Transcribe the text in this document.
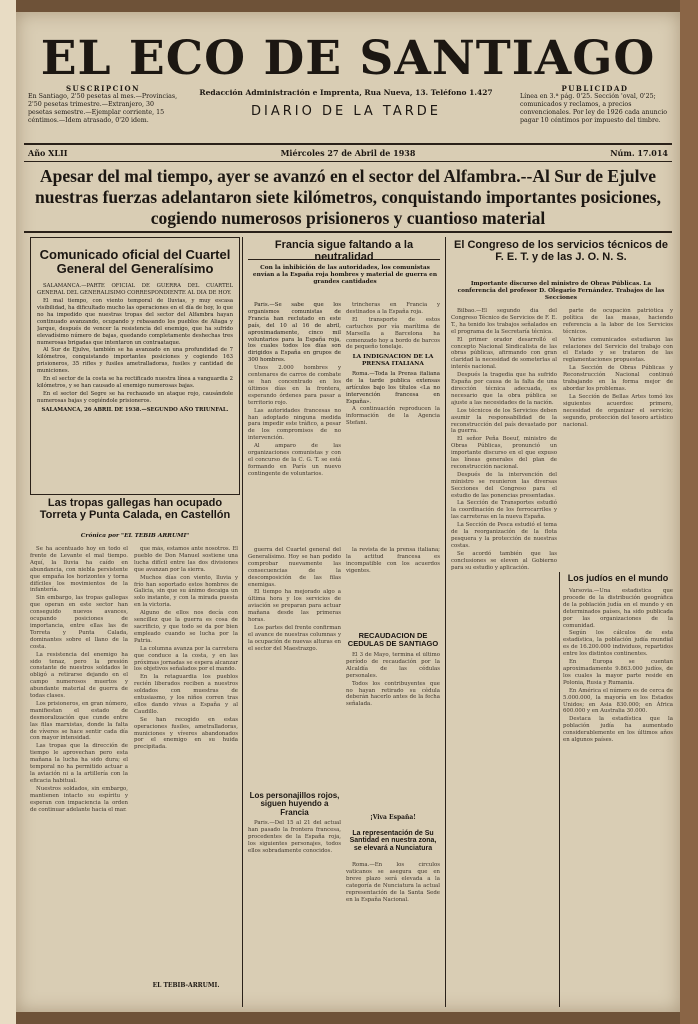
EL ECO DE SANTIAGO
SUSCRIPCION
En Santiago, 2'50 pesetas al mes.—Provincias, 2'50 pesetas trimestre.—Extranjero, 30 pesetas semestre.—Ejemplar corriente, 15 céntimos.—Idem atrasado, 0'20 idem.
Redacción Administración e Imprenta, Rua Nueva, 13. Teléfono 1.427
DIARIO DE LA TARDE
PUBLICIDAD
Línea en 3.ª pág. 0'25. Sección 'oval, 0'25; comunicados y reclamos, a precios convencionales. Por ley de 1926 cada anuncio pagar 10 céntimos por impuesto del timbre.
Año XLII	Miércoles 27 de Abril de 1938	Núm. 17.014
Apesar del mal tiempo, ayer se avanzó en el sector del Alfambra.--Al Sur de Ejulve nuestras fuerzas adelantaron siete kilómetros, conquistando importantes posiciones, cogiendo numerosos prisioneros y cuantioso material
Comunicado oficial del Cuartel General del Generalísimo

SALAMANCA.—PARTE OFICIAL DE GUERRA DEL CUARTEL GENERAL DEL GENERALISIMO CORRESPONDIENTE AL DIA DE HOY.

El mal tiempo, con viento temporal de lluvias, y muy escasa visibilidad, ha dificultado mucho las operaciones en el día de hoy, lo que no ha impedido que nuestras tropas del sector del Alfambra hayan continuado avanzando, ocupando y rebasando los pueblos de Aliaga y Jarque, después de vencer la resistencia del enemigo, que ha sufrido elevadísimo número de bajas, quedando completamente deshechas tres numerosas brigadas que intentaron un contraataque.

Al Sur de Ejulve, también se ha avanzado en una profundidad de 7 kilómetros, conquistando importantes posiciones y cogiendo 163 prisioneros, 35 rifles y fusiles ametralladoras, fusiles y cantidad de municiones.

En el sector de la costa se ha rectificado nuestra línea a vanguardia 2 kilómetros, y se han causado al enemigo numerosas bajas.

En el sector del Segre se ha rechazado un ataque rojo, causándole numerosas bajas y cogiéndole prisioneros.

SALAMANCA, 26 ABRIL DE 1938.—SEGUNDO AÑO TRIUNFAL.
Las tropas gallegas han ocupado Torreta y Punta Calada, en Castellón
Crónica por "EL TEBIB ARRUMI"

Se ha acentuado hoy en todo el frente de Levante el mal tiempo. Aquí, la lluvia ha caído en abundancia, con niebla persistente que empaña los horizontes y torna difíciles los movimientos de la infantería.

Sin embargo, las tropas gallegas que operan en este sector han conseguido nuevos avances, ocupando posiciones de importancia, entre ellas las de Torreta y Punta Calada, dominantes sobre el llano de la costa.

La resistencia del enemigo ha sido tenaz, pero la presión constante de nuestros soldados le obligó a retirarse dejando en el campo numerosos muertos y abundante material de guerra de todas clases.

Los prisioneros, en gran número, manifiestan el estado de desmoralización que cunde entre las filas marxistas, donde la falta de víveres se hace sentir cada día con mayor intensidad.

Las tropas que la dirección de tiempo le aprovechan pero esta mañana la lucha ha sido dura; el temporal no ha permitido actuar a la aviación ni a la artillería con la eficacia habitual.

Nuestros soldados, sin embargo, mantienen intacto su espíritu y esperan con impaciencia la orden de continuar adelante hacia el mar.

que más, estamos ante nosotros. El pueblo de Don Manuel sostiene una lucha difícil entre las dos divisiones que avanzan por la sierra.

Muchos días con viento, lluvia y frío han soportado estos hombres de Galicia, sin que su ánimo decaiga un solo instante, y con la mirada puesta en la victoria.

Alguno de ellos nos decía con sencillez que la guerra es cosa de sacrificio, y que todo se da por bien empleado cuando se lucha por la Patria.

La columna avanza por la carretera que conduce a la costa, y en las próximas jornadas se espera alcanzar los objetivos señalados por el mando.

En la retaguardia los pueblos recién liberados reciben a nuestros soldados con muestras de entusiasmo, y los niños corren tras ellos dando vivas a España y al Caudillo.

Se han recogido en estas operaciones fusiles, ametralladoras, municiones y víveres abandonados por el enemigo en su huida precipitada.

EL TEBIB-ARRUMI.
Francia sigue faltando a la neutralidad
Con la inhibición de las autoridades, los comunistas envían a la España roja hombres y material de guerra en grandes cantidades

París.—Se sabe que los organismos comunistas de Francia han reclutado en este país, del 10 al 16 de abril, aproximadamente, cinco mil voluntarios para la España roja, los cuales todos los días son dirigidos a España en grupos de 300 hombres.

Unos 2.000 hombres y centenares de carros de combate se han concentrado en los últimos días en la frontera, esperando órdenes para pasar a territorio rojo.

Las autoridades francesas no han adoptado ninguna medida para impedir este tráfico, a pesar de los compromisos de no intervención.

Al amparo de las organizaciones comunistas y con el concurso de la C. G. T. se está formando en París un nuevo contingente de voluntarios.

trincheras en Francia y destinados a la España roja.

El transporte de estos cartuchos por vía marítima de Marsella a Barcelona ha comenzado hoy a bordo de barcos de pequeño tonelaje.

LA INDIGNACION DE LA PRENSA ITALIANA

Roma.—Toda la Prensa italiana de la tarde publica extensas artículos bajo los títulos «La no intervención francesa en España».

A continuación reproducen la información de la Agencia Stefani.

guerra del Cuartel general del Generalísimo. Hoy se han podido comprobar nuevamente las consecuencias de la descomposición de las filas enemigas.

El tiempo ha mejorado algo a última hora y los servicios de aviación se preparan para actuar mañana desde las primeras horas.

Los partes del frente confirman el avance de nuestras columnas y la ocupación de nuevas alturas en el sector del Maestrazgo.

Los personajillos rojos, siguen huyendo a Francia

París.—Del 15 al 21 del actual han pasado la frontera francesa, procedentes de la España roja, los siguientes personajes, todos ellos sobradamente conocidos.

la revista de la prensa italiana; la actitud francesa es incompatible con los acuerdos vigentes.

RECAUDACION DE CEDULAS DE SANTIAGO

El 3 de Mayo, termina el último período de recaudación por la Alcaldía de las cédulas personales.

Todos los contribuyentes que no hayan retirado su cédula deberán hacerlo antes de la fecha señalada.

¡Viva España!
La representación de Su Santidad en nuestra zona, se elevará a Nunciatura

Roma.—En los círculos vaticanos se asegura que en breve plazo será elevada a la categoría de Nunciatura la actual representación de la Santa Sede en la España Nacional.

El Congreso de los servicios técnicos de F. E. T. y de las J. O. N. S.
Importante discurso del ministro de Obras Públicas. La conferencia del profesor D. Olegario Fernández. Trabajos de las Secciones

Bilbao.—El segundo día del Congreso Técnico de Servicios de F. E. T., ha tenido los trabajos señalados en el programa de la Secretaría técnica.

El primer orador desarrolló el concepto Nacional Sindicalista de las obras públicas, afirmando con gran claridad la necesidad de someterlas al interés nacional.

Después la tragedia que ha sufrido España por causa de la falta de una dirección técnica adecuada, es necesario que la obra pública se ajuste a las necesidades de la nación.

Los técnicos de los Servicios deben asumir la responsabilidad de la reconstrucción del país devastado por la guerra.

El señor Peña Boeuf, ministro de Obras Públicas, pronunció un importante discurso en el que expuso las líneas generales del plan de reconstrucción nacional.

Después de la intervención del ministro se reunieron las diversas Secciones del Congreso para el estudio de las ponencias presentadas.

La Sección de Transportes estudió la coordinación de los ferrocarriles y las carreteras en la nueva España.

La Sección de Pesca estudió el tema de la reorganización de la flota pesquera y la protección de nuestras costas.

Se acordó también que las conclusiones se eleven al Gobierno para su estudio y aplicación.

parte de ocupación patriótica y política de las masas, haciendo referencia a la labor de los Servicios técnicos.

Varios comunicados estudiaron las relaciones del Servicio del trabajo con el Estado y se trataron de las reglamentaciones propuestas.

La Sección de Obras Públicas y Reconstrucción Nacional continuó trabajando en la forma mejor de abordar los problemas.

La Sección de Bellas Artes tomó los siguientes acuerdos: primero, necesidad de organizar el servicio; segundo, protección del tesoro artístico nacional.

Los judíos en el mundo

Varsovia.—Una estadística que procede de la distribución geográfica de la población judía en el mundo y en determinados países, ha sido publicada por las organizaciones de la comunidad.

Según los cálculos de esta estadística, la población judía mundial es de 16.200.000 individuos, repartidos entre los distintos continentes.

En Europa se cuentan aproximadamente 9.863.000 judíos, de los cuales la mayor parte reside en Polonia, Rusia y Rumania.

En América el número es de cerca de 5.000.000, la mayoría en los Estados Unidos; en Asia 830.000; en África 600.000 y en Australia 30.000.

Destaca la estadística que la población judía ha aumentado considerablemente en los últimos años en algunos países.
